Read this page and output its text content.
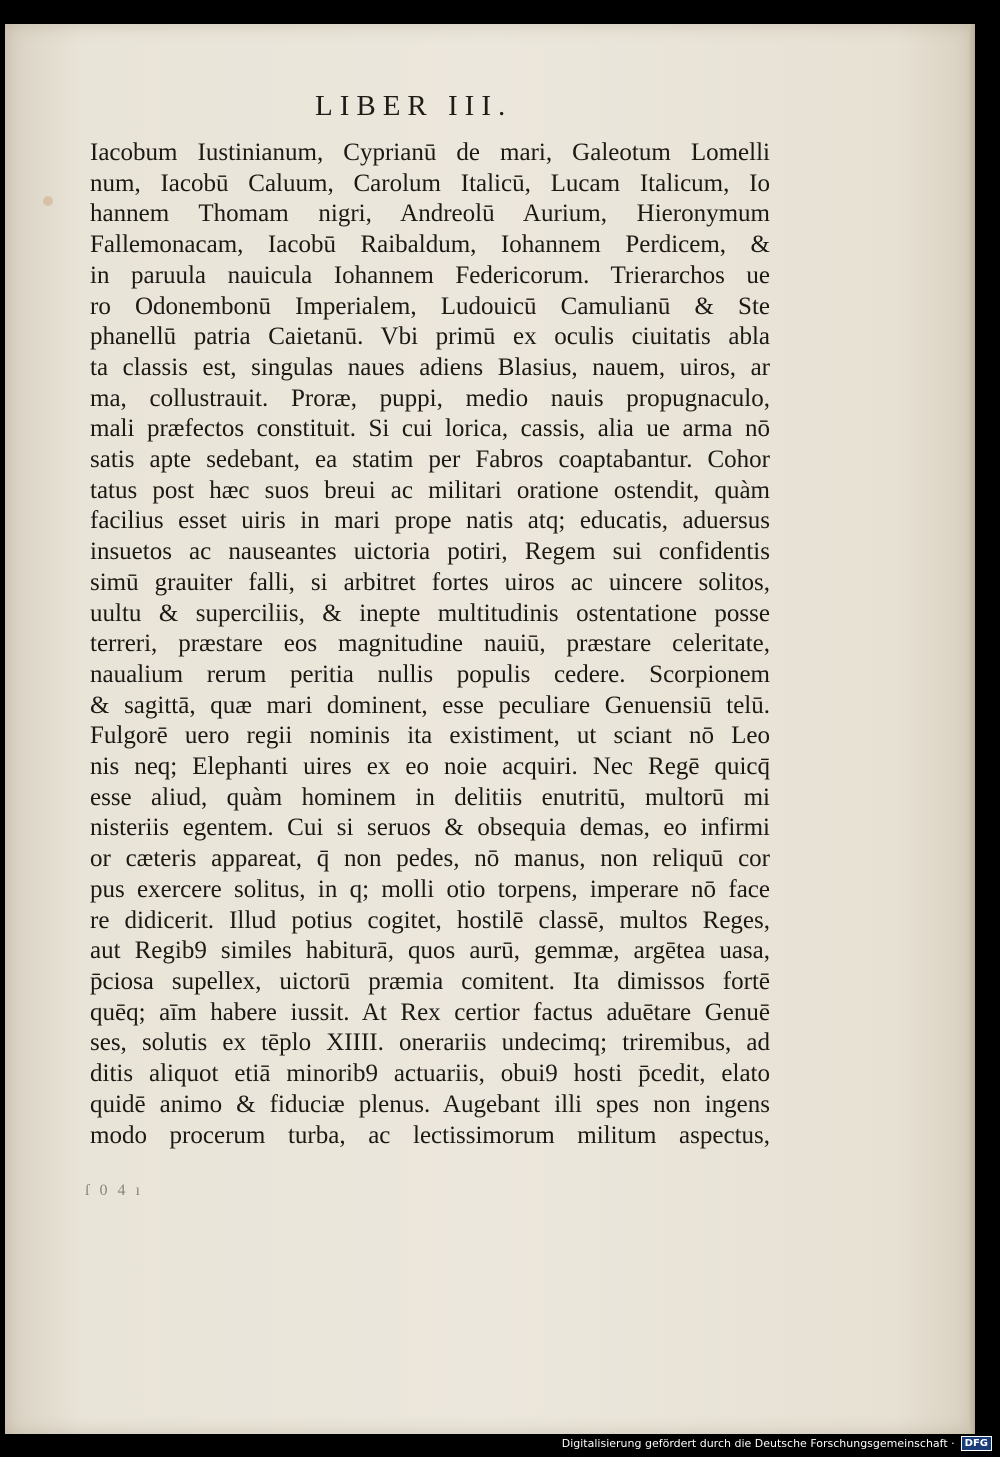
LIBER III.
Iacobum Iustinianum, Cyprianū de mari, Galeotum Lomelli
num, Iacobū Caluum, Carolum Italicū, Lucam Italicum, Io
hannem Thomam nigri, Andreolū Aurium, Hieronymum
Fallemonacam, Iacobū Raibaldum, Iohannem Perdicem, &
in paruula nauicula Iohannem Federicorum. Trierarchos ue
ro Odonembonū Imperialem, Ludouicū Camulianū & Ste
phanellū patria Caietanū. Vbi primū ex oculis ciuitatis abla
ta classis est, singulas naues adiens Blasius, nauem, uiros, ar
ma, collustrauit. Proræ, puppi, medio nauis propugnaculo,
mali præfectos constituit. Si cui lorica, cassis, alia ue arma nō
satis apte sedebant, ea statim per Fabros coaptabantur. Cohor
tatus post hæc suos breui ac militari oratione ostendit, quàm
facilius esset uiris in mari prope natis atq; educatis, aduersus
insuetos ac nauseantes uictoria potiri, Regem sui confidentis
simū grauiter falli, si arbitret fortes uiros ac uincere solitos,
uultu & superciliis, & inepte multitudinis ostentatione posse
terreri, præstare eos magnitudine nauiū, præstare celeritate,
naualium rerum peritia nullis populis cedere. Scorpionem
& sagittā, quæ mari dominent, esse peculiare Genuensiū telū.
Fulgorē uero regii nominis ita existiment, ut sciant nō Leo
nis neq; Elephanti uires ex eo noie acquiri. Nec Regē quicq̄
esse aliud, quàm hominem in delitiis enutritū, multorū mi
nisteriis egentem. Cui si seruos & obsequia demas, eo infirmi
or cæteris appareat, q̄ non pedes, nō manus, non reliquū cor
pus exercere solitus, in q; molli otio torpens, imperare nō face
re didicerit. Illud potius cogitet, hostilē classē, multos Reges,
aut Regib9 similes habiturā, quos aurū, gemmæ, argētea uasa,
p̄ciosa supellex, uictorū præmia comitent. Ita dimissos fortē
quēq; aīm habere iussit. At Rex certior factus aduētare Genuē
ses, solutis ex tēplo XIIII. onerariis undecimq; triremibus, ad
ditis aliquot etiā minorib9 actuariis, obui9 hosti p̄cedit, elato
quidē animo & fiduciæ plenus. Augebant illi spes non ingens
modo procerum turba, ac lectissimorum militum aspectus,
ſ 0 4 ı
Digitalisierung gefördert durch die Deutsche Forschungsgemeinschaft ·	DFG
